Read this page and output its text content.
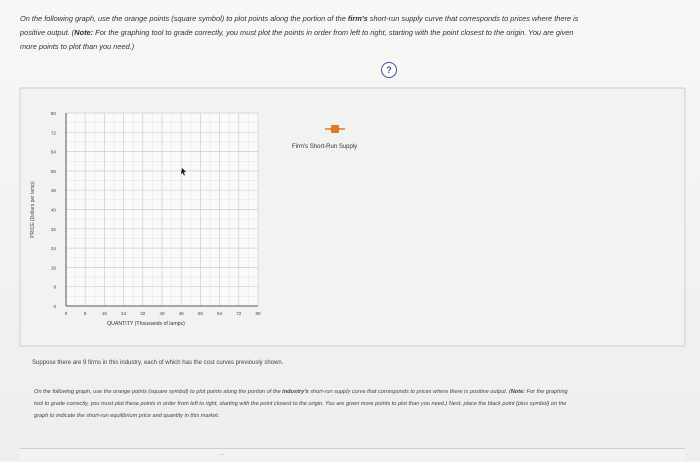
On the following graph, use the orange points (square symbol) to plot points along the portion of the firm's short-run supply curve that corresponds to prices where there is positive output. (Note: For the graphing tool to grade correctly, you must plot the points in order from left to right, starting with the point closest to the origin. You are given more points to plot than you need.)
?
0
8
16
24
32
40
48
56
64
72
80
0	8	16	24	32	40	48	56	64	72	80
PRICE (Dollars per lamp)
QUANTITY (Thousands of lamps)
Firm's Short-Run Supply
Suppose there are 9 firms in this industry, each of which has the cost curves previously shown.
On the following graph, use the orange points (square symbol) to plot points along the portion of the industry's short-run supply curve that corresponds to prices where there is positive output. (Note: For the graphing tool to grade correctly, you must plot these points in order from left to right, starting with the point closest to the origin. You are given more points to plot than you need.) Next, place the black point (plus symbol) on the graph to indicate the short-run equilibrium price and quantity in this market.
...
